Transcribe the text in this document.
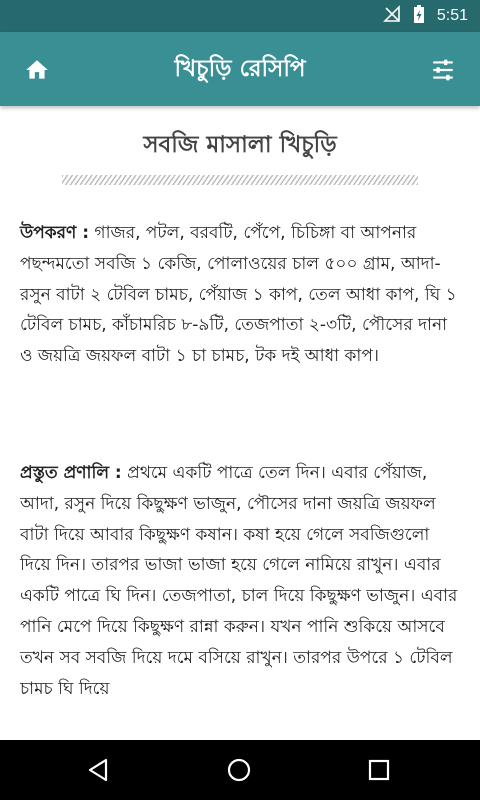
5:51
খিচুড়ি রেসিপি
সবজি মাসালা খিচুড়ি
উপকরণ : গাজর, পটল, বরবটি, পেঁপে, চিচিঙ্গা বা আপনার পছন্দমতো সবজি ১ কেজি, পোলাওয়ের চাল ৫০০ গ্রাম, আদা-রসুন বাটা ২ টেবিল চামচ, পেঁয়াজ ১ কাপ, তেল আধা কাপ, ঘি ১ টেবিল চামচ, কাঁচামরিচ ৮-৯টি, তেজপাতা ২-৩টি, পৌসের দানা ও জয়ত্রি জয়ফল বাটা ১ চা চামচ, টক দই আধা কাপ।
প্রস্তুত প্রণালি : প্রথমে একটি পাত্রে তেল দিন। এবার পেঁয়াজ, আদা, রসুন দিয়ে কিছুক্ষণ ভাজুন, পৌসের দানা জয়ত্রি জয়ফল বাটা দিয়ে আবার কিছুক্ষণ কষান। কষা হয়ে গেলে সবজিগুলো দিয়ে দিন। তারপর ভাজা ভাজা হয়ে গেলে নামিয়ে রাখুন। এবার একটি পাত্রে ঘি দিন। তেজপাতা, চাল দিয়ে কিছুক্ষণ ভাজুন। এবার পানি মেপে দিয়ে কিছুক্ষণ রান্না করুন। যখন পানি শুকিয়ে আসবে তখন সব সবজি দিয়ে দমে বসিয়ে রাখুন। তারপর উপরে ১ টেবিল চামচ ঘি দিয়ে
